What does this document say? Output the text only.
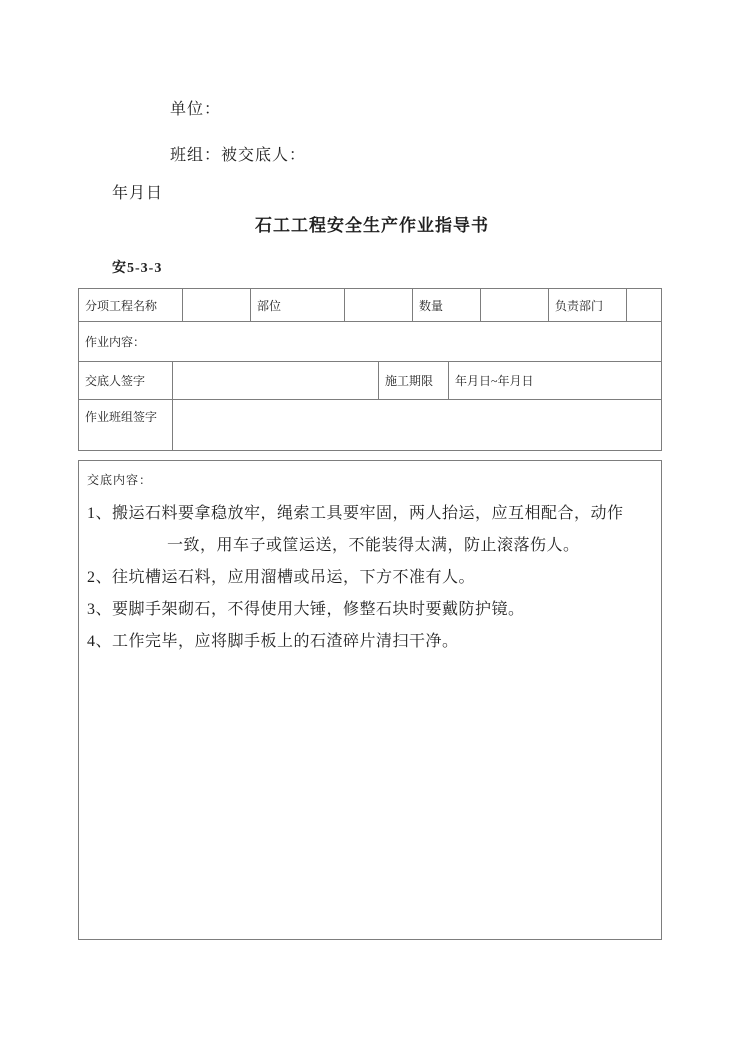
单位：
班组：被交底人：
年月日
石工工程安全生产作业指导书
安5-3-3
分项工程名称	部位	数量	负责部门
作业内容：
交底人签字	施工期限	年月日~年月日
作业班组签字
交底内容：
1、搬运石料要拿稳放牢，绳索工具要牢固，两人抬运，应互相配合，动作
一致，用车子或筐运送，不能装得太满，防止滚落伤人。
2、往坑槽运石料，应用溜槽或吊运，下方不准有人。
3、要脚手架砌石，不得使用大锤，修整石块时要戴防护镜。
4、工作完毕，应将脚手板上的石渣碎片清扫干净。
